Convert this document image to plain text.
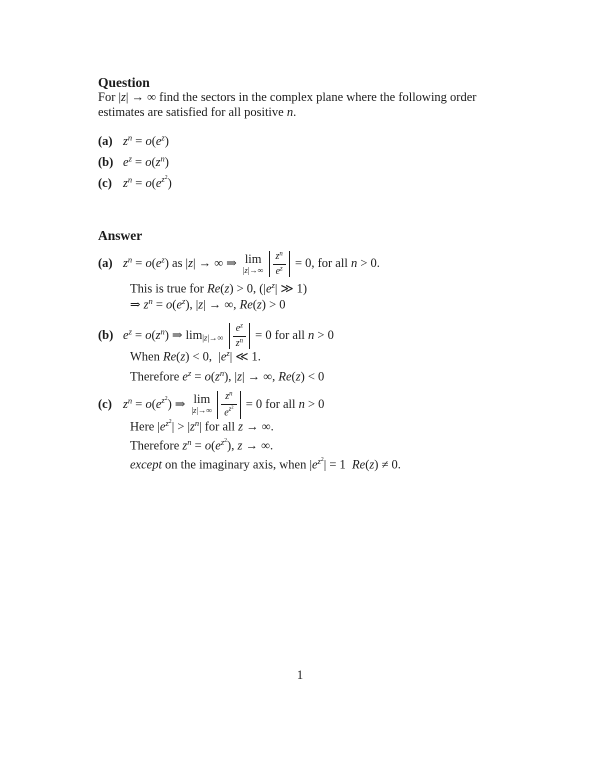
Question
For |z| → ∞ find the sectors in the complex plane where the following order
estimates are satisfied for all positive n.
(a) $z^n = o(e^z)$
(b) $e^z = o(z^n)$
(c) $z^n = o(e^{z^2})$
Answer
(a) $z^n = o(e^z)$ as |z| → ∞ ⇒ lim
$|z|\to\infty \frac{z^n}{e^z} = 0$, for all n > 0.
This is true for Re(z) > 0, ($|e^z|$ ≫ 1)
⇒ $z^n = o(e^z)$, |z| → ∞, Re(z) > 0
(b) $e^z = o(z^n)$ ⇒ $\lim|z|\to\infty \frac{e^z}{z^n} = 0$ for all n > 0
When Re(z) < 0, $|e^z|$ ≪ 1.
Therefore $e^z = o(z^n)$, |z| → ∞, Re(z) < 0
(c) $z^n = o(e^{z^2})$ ⇒ lim
$|z|\to\infty \frac{z^n}{e^{z^2}} = 0$ for all n > 0
Here $|e^{z^2}| > |z^n|$ for all z → ∞.
Therefore $z^n = o(e^{z^2})$, z → ∞.
except on the imaginary axis, when $|e^{z^2}| = 1$ Re(z) ≠ 0.
1
